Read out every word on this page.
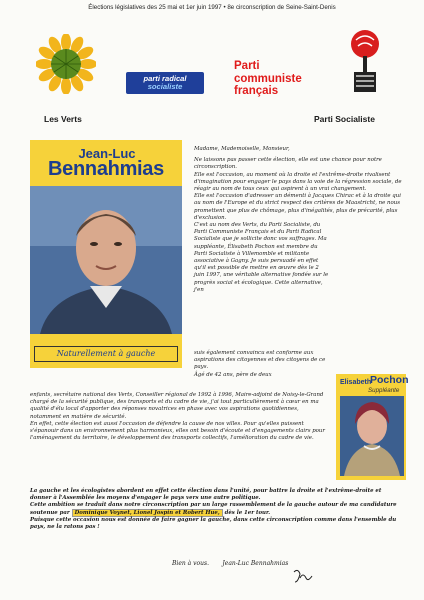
Élections législatives des 25 mai et 1er juin 1997 • 8e circonscription de Seine-Saint-Denis
Les Verts
parti radical
socialiste
Parti
communiste
français
Parti Socialiste
Jean-Luc
Bennahmias
Naturellement à gauche

Madame, Mademoiselle, Monsieur,

Ne laissons pas passer cette élection, elle est une chance pour notre circonscription.

Elle est l'occasion, au moment où la droite et l'extrême-droite rivalisent d'imagination pour engager le pays dans la voie de la régression sociale, de réagir au nom de tous ceux qui aspirent à un vrai changement.

Elle est l'occasion d'adresser un démenti à Jacques Chirac et à la droite qui au nom de l'Europe et du strict respect des critères de Maastricht, ne nous promettent que plus de chômage, plus d'inégalités, plus de précarité, plus d'exclusion.

C'est au nom des Verts, du Parti Socialiste, du Parti Communiste Français et du Parti Radical Socialiste que je sollicite donc vos suffrages. Ma suppléante, Élisabeth Pochon est membre du Parti Socialiste à Villemomble et militante associative à Gagny. Je suis persuadé en effet qu'il est possible de mettre en œuvre dès le 2 juin 1997, une véritable alternative fondée sur le progrès social et écologique. Cette alternative, j'en

suis également convaincu est conforme aux aspirations des citoyennes et des citoyens de ce pays.

Âgé de 42 ans, père de deux

enfants, secrétaire national des Verts, Conseiller régional de 1992 à 1996, Maire-adjoint de Noisy-le-Grand chargé de la sécurité publique, des transports et du cadre de vie, j'ai tout particulièrement à cœur en ma qualité d'élu local d'apporter des réponses novatrices en phase avec vos aspirations quotidiennes, notamment en matière de sécurité.

En effet, cette élection est aussi l'occasion de défendre la cause de nos villes. Pour qu'elles puissent s'épanouir dans un environnement plus harmonieux, elles ont besoin d'écoute et d'engagements clairs pour l'aménagement du territoire, le développement des transports collectifs, l'amélioration du cadre de vie.

La gauche et les écologistes abordent en effet cette élection dans l'unité, pour battre la droite et l'extrême-droite et donner à l'Assemblée les moyens d'engager le pays vers une autre politique.

Cette ambition se traduit dans notre circonscription par un large rassemblement de la gauche autour de ma candidature soutenue par Dominique Voynet, Lionel Jospin et Robert Hue, dès le 1er tour.

Puisque cette occasion nous est donnée de faire gagner la gauche, dans cette circonscription comme dans l'ensemble du pays, ne la ratons pas !

Elisabeth
Pochon
Suppléante
Bien à vous. Jean-Luc Bennahmias
